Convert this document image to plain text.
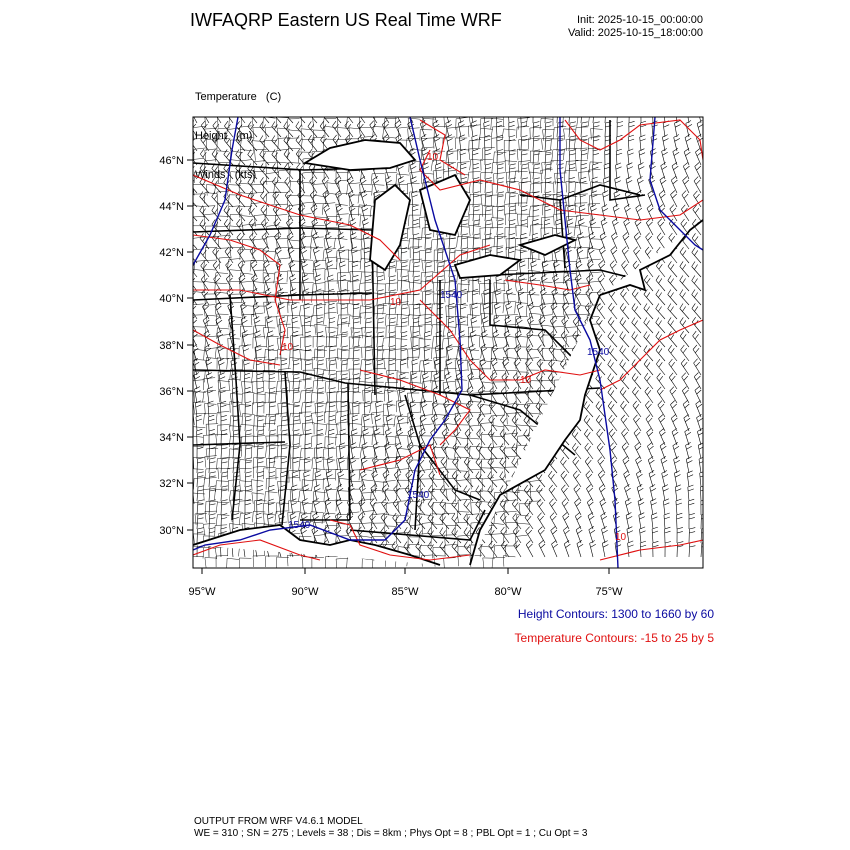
IWFAQRP Eastern US Real Time WRF	Init: 2025-10-15_00:00:00
Valid: 2025-10-15_18:00:00

Temperature   (C)

Height   (m)

Winds   (kts)

46°N
44°N
42°N
40°N
38°N
36°N
34°N
32°N
30°N
95°W	90°W	85°W	80°W	75°W
1540
1540
1540
1540
10
10
10
10
10
Height Contours: 1300 to 1660 by 60
Temperature Contours: -15 to 25 by 5
OUTPUT FROM WRF V4.6.1 MODEL
WE = 310 ; SN = 275 ; Levels = 38 ; Dis = 8km ; Phys Opt = 8 ; PBL Opt = 1 ; Cu Opt = 3
